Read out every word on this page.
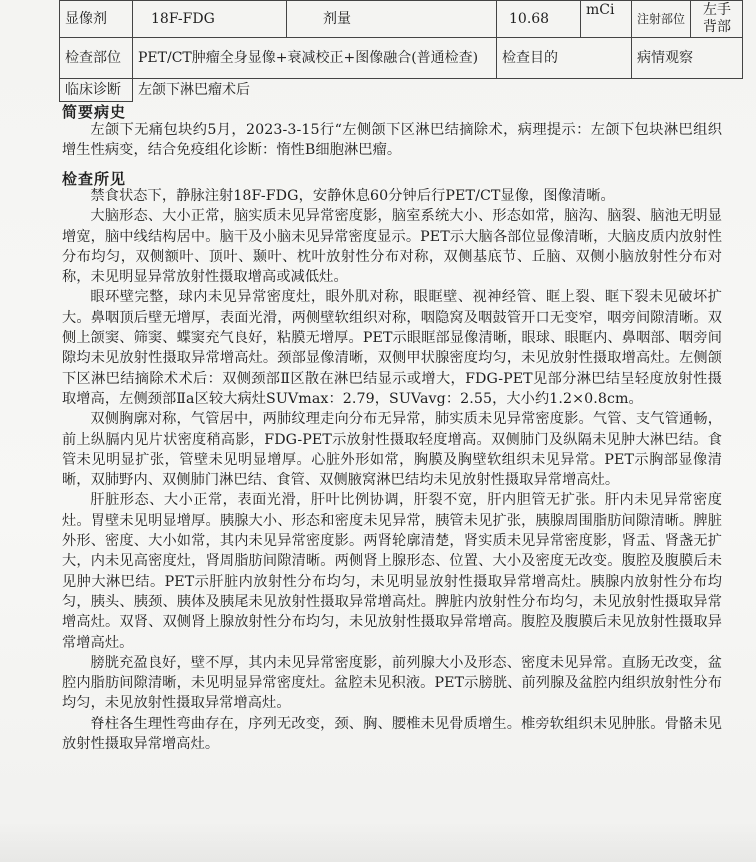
显像剂	18F-FDG	剂量	10.68	mCi	注射部位	左手背部
检查部位	PET/CT肿瘤全身显像+衰减校正+图像融合(普通检查)		检查目的		病情观察	
临床诊断	左颌下淋巴瘤术后					
简要病史

左颌下无痛包块约5月，2023-3-15行“左侧颌下区淋巴结摘除术，病理提示：左颌下包块淋巴组织增生性病变，结合免疫组化诊断：惰性B细胞淋巴瘤。

检查所见

禁食状态下，静脉注射18F-FDG，安静休息60分钟后行PET/CT显像，图像清晰。

大脑形态、大小正常，脑实质未见异常密度影，脑室系统大小、形态如常，脑沟、脑裂、脑池无明显增宽，脑中线结构居中。脑干及小脑未见异常密度显示。PET示大脑各部位显像清晰，大脑皮质内放射性分布均匀，双侧额叶、顶叶、颞叶、枕叶放射性分布对称，双侧基底节、丘脑、双侧小脑放射性分布对称，未见明显异常放射性摄取增高或减低灶。

眼环壁完整，球内未见异常密度灶，眼外肌对称，眼眶壁、视神经管、眶上裂、眶下裂未见破坏扩大。鼻咽顶后壁无增厚，表面光滑，两侧壁软组织对称，咽隐窝及咽鼓管开口无变窄，咽旁间隙清晰。双侧上颌窦、筛窦、蝶窦充气良好，粘膜无增厚。PET示眼眶部显像清晰，眼球、眼眶内、鼻咽部、咽旁间隙均未见放射性摄取异常增高灶。颈部显像清晰，双侧甲状腺密度均匀，未见放射性摄取增高灶。左侧颌下区淋巴结摘除术术后：双侧颈部Ⅱ区散在淋巴结显示或增大，FDG-PET见部分淋巴结呈轻度放射性摄取增高，左侧颈部Ⅱa区较大病灶SUVmax：2.79，SUVavg：2.55，大小约1.2×0.8cm。

双侧胸廓对称，气管居中，两肺纹理走向分布无异常，肺实质未见异常密度影。气管、支气管通畅，前上纵膈内见片状密度稍高影，FDG-PET示放射性摄取轻度增高。双侧肺门及纵隔未见肿大淋巴结。食管未见明显扩张，管壁未见明显增厚。心脏外形如常，胸膜及胸壁软组织未见异常。PET示胸部显像清晰，双肺野内、双侧肺门淋巴结、食管、双侧腋窝淋巴结均未见放射性摄取异常增高灶。

肝脏形态、大小正常，表面光滑，肝叶比例协调，肝裂不宽，肝内胆管无扩张。肝内未见异常密度灶。胃壁未见明显增厚。胰腺大小、形态和密度未见异常，胰管未见扩张，胰腺周围脂肪间隙清晰。脾脏外形、密度、大小如常，其内未见异常密度影。两肾轮廓清楚，肾实质未见异常密度影，肾盂、肾盏无扩大，内未见高密度灶，肾周脂肪间隙清晰。两侧肾上腺形态、位置、大小及密度无改变。腹腔及腹膜后未见肿大淋巴结。PET示肝脏内放射性分布均匀，未见明显放射性摄取异常增高灶。胰腺内放射性分布均匀，胰头、胰颈、胰体及胰尾未见放射性摄取异常增高灶。脾脏内放射性分布均匀，未见放射性摄取异常增高灶。双肾、双侧肾上腺放射性分布均匀，未见放射性摄取异常增高。腹腔及腹膜后未见放射性摄取异常增高灶。

膀胱充盈良好，壁不厚，其内未见异常密度影，前列腺大小及形态、密度未见异常。直肠无改变，盆腔内脂肪间隙清晰，未见明显异常密度灶。盆腔未见积液。PET示膀胱、前列腺及盆腔内组织放射性分布均匀，未见放射性摄取异常增高灶。

脊柱各生理性弯曲存在，序列无改变，颈、胸、腰椎未见骨质增生。椎旁软组织未见肿胀。骨骼未见放射性摄取异常增高灶。
